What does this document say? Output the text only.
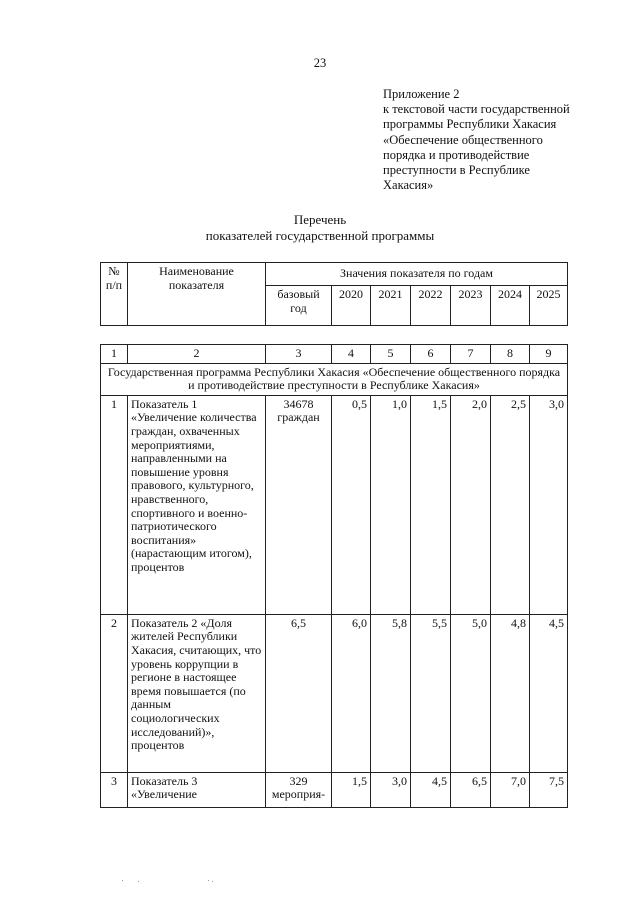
23
Приложение 2
к текстовой части государственной
программы Республики Хакасия
«Обеспечение общественного
порядка и противодействие
преступности в Республике
Хакасия»
Перечень
показателей государственной программы
№ п/п	Наименование показателя	Значения показателя по годам						
		базовый год	2020	2021	2022	2023	2024	2025

1	2	3	4	5	6	7	8	9
Государственная программа Республики Хакасия «Обеспечение общественного порядка и противодействие преступности в Республике Хакасия»								
1	Показатель 1 «Увеличение количества граждан, охваченных мероприятиями, направленными на повышение уровня правового, культурного, нравственного, спортивного и военно-патриотического воспитания» (нарастающим итогом), процентов	34678 граждан	0,5	1,0	1,5	2,0	2,5	3,0
2	Показатель 2 «Доля жителей Республики Хакасия, считающих, что уровень коррупции в регионе в настоящее время повышается (по данным социологических исследований)», процентов	6,5	6,0	5,8	5,5	5,0	4,8	4,5
3	Показатель 3 «Увеличение	329 мероприя-	1,5	3,0	4,5	6,5	7,0	7,5
